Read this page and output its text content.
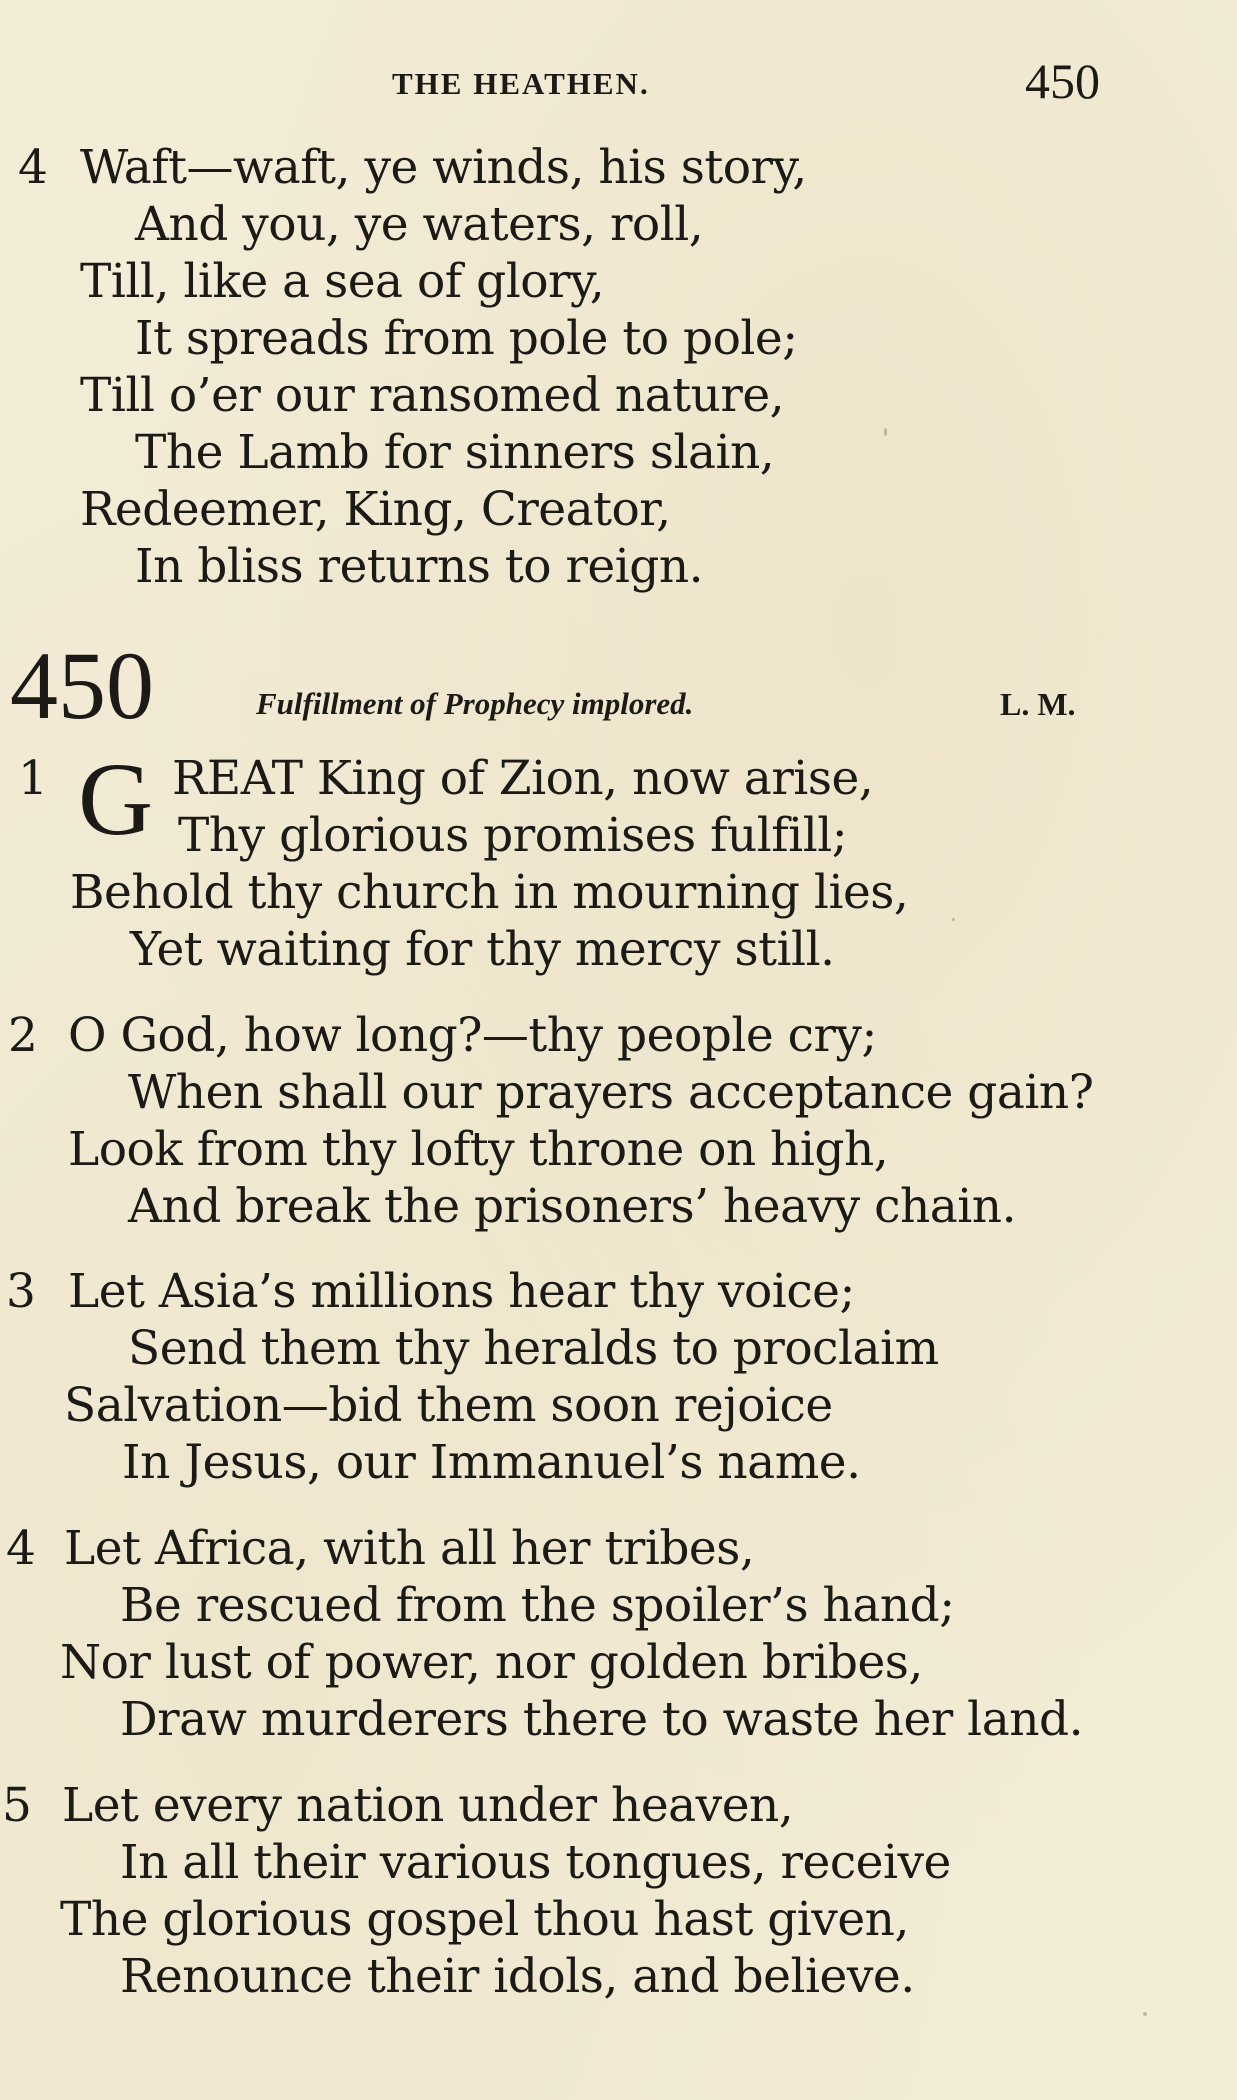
THE HEATHEN.	450
4 Waft—waft, ye winds, his story,
And you, ye waters, roll,
Till, like a sea of glory,
It spreads from pole to pole;
Till o’er our ransomed nature,
The Lamb for sinners slain,
Redeemer, King, Creator,
In bliss returns to reign.
450	Fulfillment of Prophecy implored.	L. M.
1 G REAT King of Zion, now arise,
Thy glorious promises fulfill;
Behold thy church in mourning lies,
Yet waiting for thy mercy still.
2 O God, how long?—thy people cry;
When shall our prayers acceptance gain?
Look from thy lofty throne on high,
And break the prisoners’ heavy chain.
3 Let Asia’s millions hear thy voice;
Send them thy heralds to proclaim
Salvation—bid them soon rejoice
In Jesus, our Immanuel’s name.
4 Let Africa, with all her tribes,
Be rescued from the spoiler’s hand;
Nor lust of power, nor golden bribes,
Draw murderers there to waste her land.
5 Let every nation under heaven,
In all their various tongues, receive
The glorious gospel thou hast given,
Renounce their idols, and believe.
